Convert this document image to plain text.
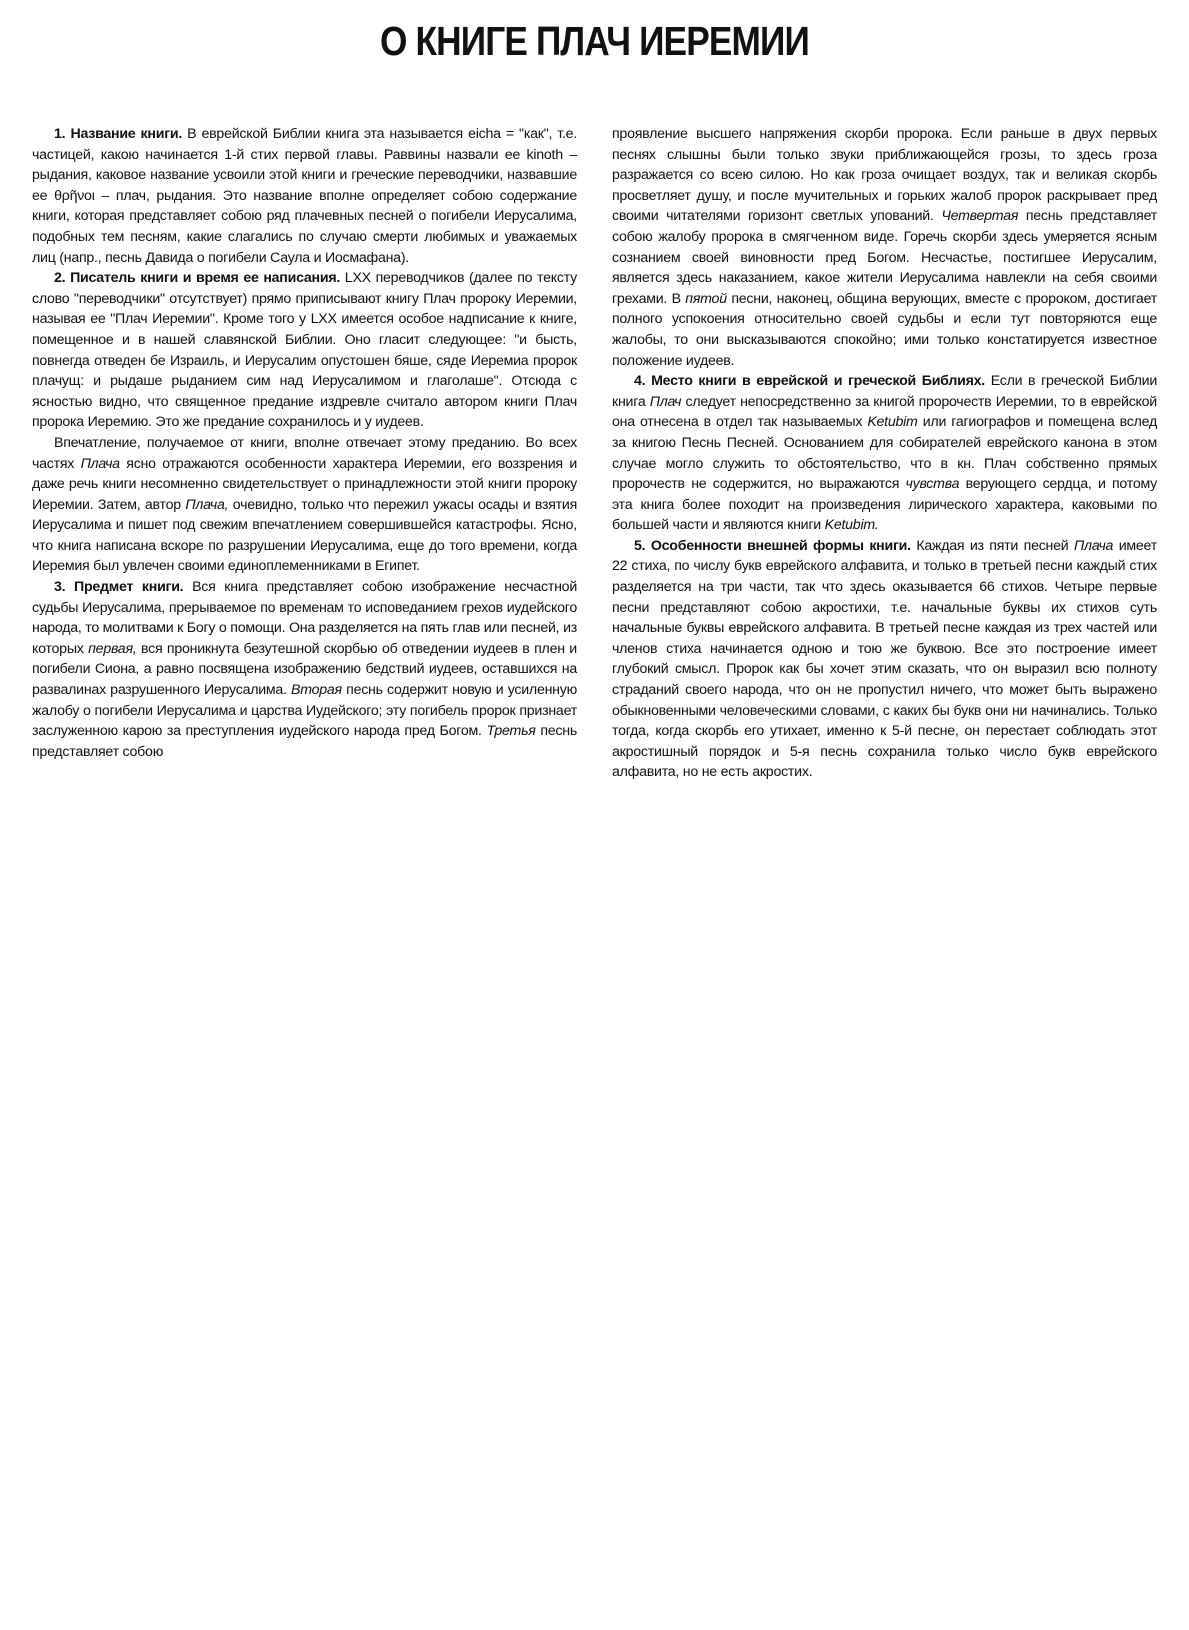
О КНИГЕ ПЛАЧ ИЕРЕМИИ

1. Название книги. В еврейской Библии книга эта называется eicha = "как", т.е. частицей, какою начинается 1-й стих первой главы. Раввины назвали ее kinoth – рыдания, каковое название усвоили этой книги и греческие переводчики, назвавшие ее θρῆνοι – плач, рыдания. Это название вполне определяет собою содержание книги, которая представляет собою ряд плачевных песней о погибели Иерусалима, подобных тем песням, какие слагались по случаю смерти любимых и уважаемых лиц (напр., песнь Давида о погибели Саула и Иосмафана).

2. Писатель книги и время ее написания. LXX переводчиков (далее по тексту слово "переводчики" отсутствует) прямо приписывают книгу Плач пророку Иеремии, называя ее "Плач Иеремии". Кроме того у LXX имеется особое надписание к книге, помещенное и в нашей славянской Библии. Оно гласит следующее: "и бысть, повнегда отведен бе Израиль, и Иерусалим опустошен бяше, сяде Иеремиа пророк плачущ: и рыдаше рыданием сим над Иерусалимом и глаголаше". Отсюда с ясностью видно, что священное предание издревле считало автором книги Плач пророка Иеремию. Это же предание сохранилось и у иудеев.

Впечатление, получаемое от книги, вполне отвечает этому преданию. Во всех частях Плача ясно отражаются особенности характера Иеремии, его воззрения и даже речь книги несомненно свидетельствует о принадлежности этой книги пророку Иеремии. Затем, автор Плача, очевидно, только что пережил ужасы осады и взятия Иерусалима и пишет под свежим впечатлением совершившейся катастрофы. Ясно, что книга написана вскоре по разрушении Иерусалима, еще до того времени, когда Иеремия был увлечен своими единоплеменниками в Египет.

3. Предмет книги. Вся книга представляет собою изображение несчастной судьбы Иерусалима, прерываемое по временам то исповеданием грехов иудейского народа, то молитвами к Богу о помощи. Она разделяется на пять глав или песней, из которых первая, вся проникнута безутешной скорбью об отведении иудеев в плен и погибели Сиона, а равно посвящена изображению бедствий иудеев, оставшихся на развалинах разрушенного Иерусалима. Вторая песнь содержит новую и усиленную жалобу о погибели Иерусалима и царства Иудейского; эту погибель пророк признает заслуженною карою за преступления иудейского народа пред Богом. Третья песнь представляет собою

проявление высшего напряжения скорби пророка. Если раньше в двух первых песнях слышны были только звуки приближающейся грозы, то здесь гроза разражается со всею силою. Но как гроза очищает воздух, так и великая скорбь просветляет душу, и после мучительных и горьких жалоб пророк раскрывает пред своими читателями горизонт светлых упований. Четвертая песнь представляет собою жалобу пророка в смягченном виде. Горечь скорби здесь умеряется ясным сознанием своей виновности пред Богом. Несчастье, постигшее Иерусалим, является здесь наказанием, какое жители Иерусалима навлекли на себя своими грехами. В пятой песни, наконец, община верующих, вместе с пророком, достигает полного успокоения относительно своей судьбы и если тут повторяются еще жалобы, то они высказываются спокойно; ими только констатируется известное положение иудеев.

4. Место книги в еврейской и греческой Библиях. Если в греческой Библии книга Плач следует непосредственно за книгой пророчеств Иеремии, то в еврейской она отнесена в отдел так называемых Ketubim или гагиографов и помещена вслед за книгою Песнь Песней. Основанием для собирателей еврейского канона в этом случае могло служить то обстоятельство, что в кн. Плач собственно прямых пророчеств не содержится, но выражаются чувства верующего сердца, и потому эта книга более походит на произведения лирического характера, каковыми по большей части и являются книги Ketubim.

5. Особенности внешней формы книги. Каждая из пяти песней Плача имеет 22 стиха, по числу букв еврейского алфавита, и только в третьей песни каждый стих разделяется на три части, так что здесь оказывается 66 стихов. Четыре первые песни представляют собою акростихи, т.е. начальные буквы их стихов суть начальные буквы еврейского алфавита. В третьей песне каждая из трех частей или членов стиха начинается одною и тою же буквою. Все это построение имеет глубокий смысл. Пророк как бы хочет этим сказать, что он выразил всю полноту страданий своего народа, что он не пропустил ничего, что может быть выражено обыкновенными человеческими словами, с каких бы букв они ни начинались. Только тогда, когда скорбь его утихает, именно к 5-й песне, он перестает соблюдать этот акростишный порядок и 5-я песнь сохранила только число букв еврейского алфавита, но не есть акростих.
